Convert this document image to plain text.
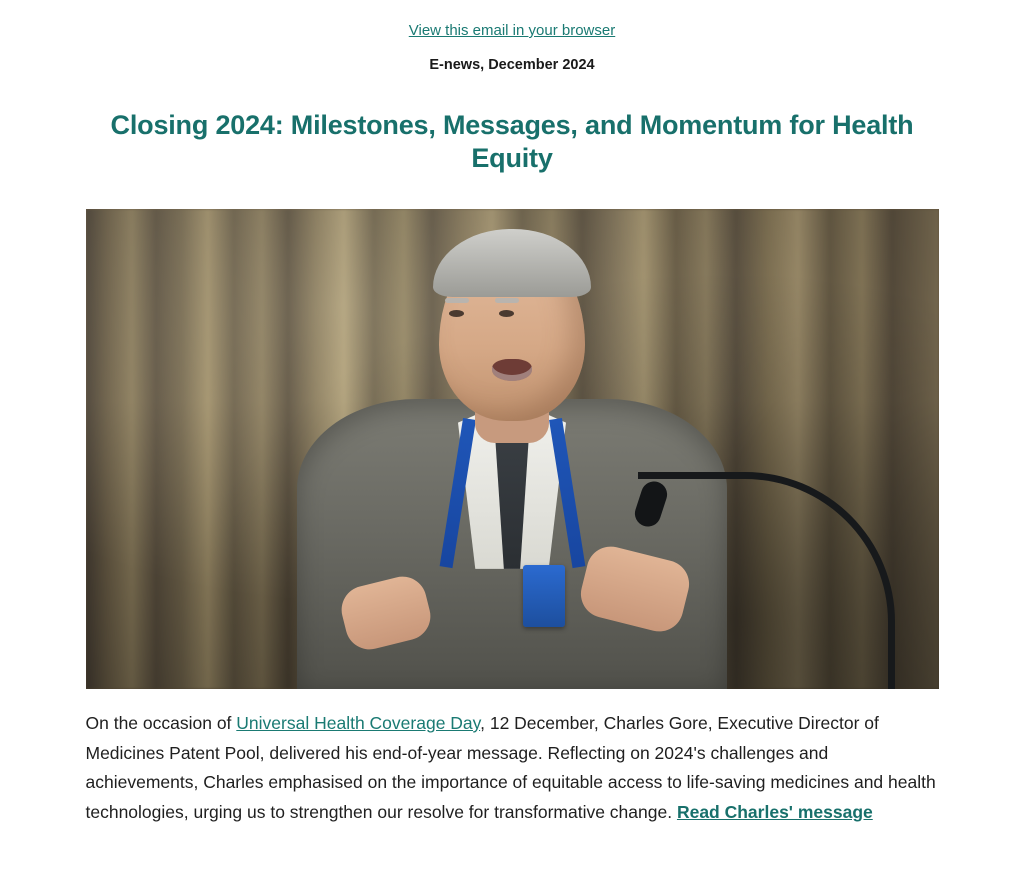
View this email in your browser
E-news, December 2024
Closing 2024: Milestones, Messages, and Momentum for Health Equity

On the occasion of Universal Health Coverage Day, 12 December, Charles Gore, Executive Director of Medicines Patent Pool, delivered his end-of-year message. Reflecting on 2024's challenges and achievements, Charles emphasised on the importance of equitable access to life-saving medicines and health technologies, urging us to strengthen our resolve for transformative change. Read Charles' message
